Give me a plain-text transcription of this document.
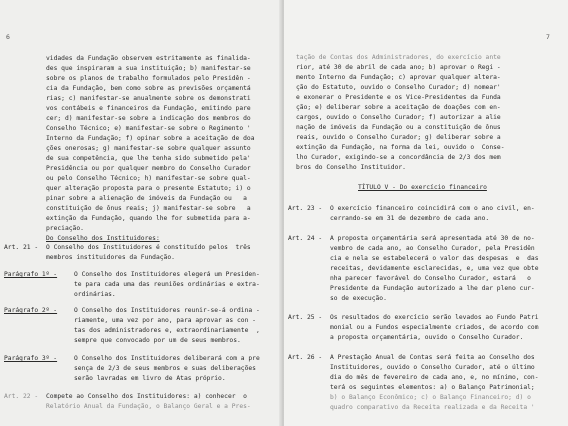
6
vidades da Fundação observem estritamente as finalida-
des que inspiraram a sua instituição; b) manifestar-se
sobre os planos de trabalho formulados pelo Presidên -
cia da Fundação, bem como sobre as previsões orçamentá
rias; c) manifestar-se anualmente sobre os demonstrati
vos contábeis e financeiros da Fundação, emitindo pare
cer; d) manifestar-se sobre a indicação dos membros do
Conselho Técnico; e) manifestar-se sobre o Regimento '
Interno da Fundação; f) opinar sobre a aceitação de doa
ções onerosas; g) manifestar-se sobre qualquer assunto
de sua competência, que lhe tenha sido submetido pela'
Presidência ou por qualquer membro do Conselho Curador
ou pelo Conselho Técnico; h) manifestar-se sobre qual-
quer alteração proposta para o presente Estatuto; i) o
pinar sobre a alienação de imóveis da Fundação ou   a
constituição de ônus reais; j) manifestar-se sobre   a
extinção da Fundação, quando lhe for submetida para a-
preciação.
Do Conselho dos Instituidores:
Art. 21 - O Conselho dos Instituidores é constituído pelos  três
membros instituidores da Fundação.
Parágrafo 1º -	O Conselho dos Instituidores elegerá um Presiden-
te para cada uma das reuniões ordinárias e extra-
ordinárias.
Parágrafo 2º -	O Conselho dos Instituidores reunir-se-á ordina -
riamente, uma vez por ano, para aprovar as con -
tas dos administradores e, extraordinariamente  ,
sempre que convocado por um de seus membros.
Parágrafo 3º -	O Conselho dos Instituidores deliberará com a pre
sença de 2/3 de seus membros e suas deliberações
serão lavradas em livro de Atas próprio.
Art. 22 - Compete ao Conselho dos Instituidores: a) conhecer  o
Relatório Anual da Fundação, o Balanço Geral e a Pres-
7
tação de Contas dos Administradores, do exercício ante
rior, até 30 de abril de cada ano; b) aprovar o Regi -
mento Interno da Fundação; c) aprovar qualquer altera-
ção do Estatuto, ouvido o Conselho Curador; d) nomear'
e exonerar o Presidente e os Vice-Presidentes da Funda
ção; e) deliberar sobre a aceitação de doações com en-
cargos, ouvido o Conselho Curador; f) autorizar a alie
nação de imóveis da Fundação ou a constituição de ônus
reais, ouvido o Conselho Curador; g) deliberar sobre a
extinção da Fundação, na forma da lei, ouvido o  Conse-
lho Curador, exigindo-se a concordância de 2/3 dos mem
bros do Conselho Instituidor.
TÍTULO V - Do exercício financeiro
Art. 23 - O exercício financeiro coincidirá com o ano civil, en-
cerrando-se em 31 de dezembro de cada ano.
Art. 24 - A proposta orçamentária será apresentada até 30 de no-
vembro de cada ano, ao Conselho Curador, pela Presidên
cia e nela se estabelecerá o valor das despesas  e  das
receitas, devidamente esclarecidas, e, uma vez que obte
nha parecer favorável do Conselho Curador, estará   o
Presidente da Fundação autorizado a lhe dar pleno cur-
so de execução.
Art. 25 - Os resultados do exercício serão levados ao Fundo Patri
monial ou a Fundos especialmente criados, de acordo com
a proposta orçamentária, ouvido o Conselho Curador.
Art. 26 - A Prestação Anual de Contas será feita ao Conselho dos
Instituidores, ouvido o Conselho Curador, até o último
dia do mês de fevereiro de cada ano, e, no mínimo, con-
terá os seguintes elementos: a) o Balanço Patrimonial;
b) o Balanço Econômico; c) o Balanço Financeiro; d) o
quadro comparativo da Receita realizada e da Receita '
